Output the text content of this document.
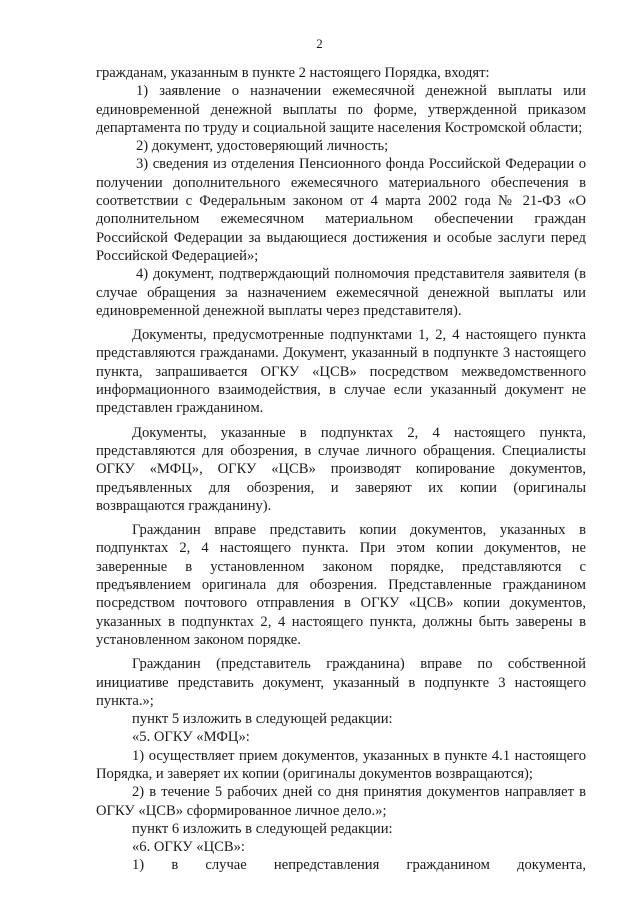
2

гражданам, указанным в пункте 2 настоящего Порядка, входят:

1) заявление о назначении ежемесячной денежной выплаты или единовременной денежной выплаты по форме, утвержденной приказом департамента по труду и социальной защите населения Костромской области;

2) документ, удостоверяющий личность;

3) сведения из отделения Пенсионного фонда Российской Федерации о получении дополнительного ежемесячного материального обеспечения в соответствии с Федеральным законом от 4 марта 2002 года № 21-ФЗ «О дополнительном ежемесячном материальном обеспечении граждан Российской Федерации за выдающиеся достижения и особые заслуги перед Российской Федерацией»;

4) документ, подтверждающий полномочия представителя заявителя (в случае обращения за назначением ежемесячной денежной выплаты или единовременной денежной выплаты через представителя).

Документы, предусмотренные подпунктами 1, 2, 4 настоящего пункта представляются гражданами. Документ, указанный в подпункте 3 настоящего пункта, запрашивается ОГКУ «ЦСВ» посредством межведомственного информационного взаимодействия, в случае если указанный документ не представлен гражданином.

Документы, указанные в подпунктах 2, 4 настоящего пункта, представляются для обозрения, в случае личного обращения. Специалисты ОГКУ «МФЦ», ОГКУ «ЦСВ» производят копирование документов, предъявленных для обозрения, и заверяют их копии (оригиналы возвращаются гражданину).

Гражданин вправе представить копии документов, указанных в подпунктах 2, 4 настоящего пункта. При этом копии документов, не заверенные в установленном законом порядке, представляются с предъявлением оригинала для обозрения. Представленные гражданином посредством почтового отправления в ОГКУ «ЦСВ» копии документов, указанных в подпунктах 2, 4 настоящего пункта, должны быть заверены в установленном законом порядке.

Гражданин (представитель гражданина) вправе по собственной инициативе представить документ, указанный в подпункте 3 настоящего пункта.»;

пункт 5 изложить в следующей редакции:

«5. ОГКУ «МФЦ»:

1) осуществляет прием документов, указанных в пункте 4.1 настоящего Порядка, и заверяет их копии (оригиналы документов возвращаются);

2) в течение 5 рабочих дней со дня принятия документов направляет в ОГКУ «ЦСВ» сформированное личное дело.»;

пункт 6 изложить в следующей редакции:

«6. ОГКУ «ЦСВ»:

1) в случае непредставления гражданином документа,
